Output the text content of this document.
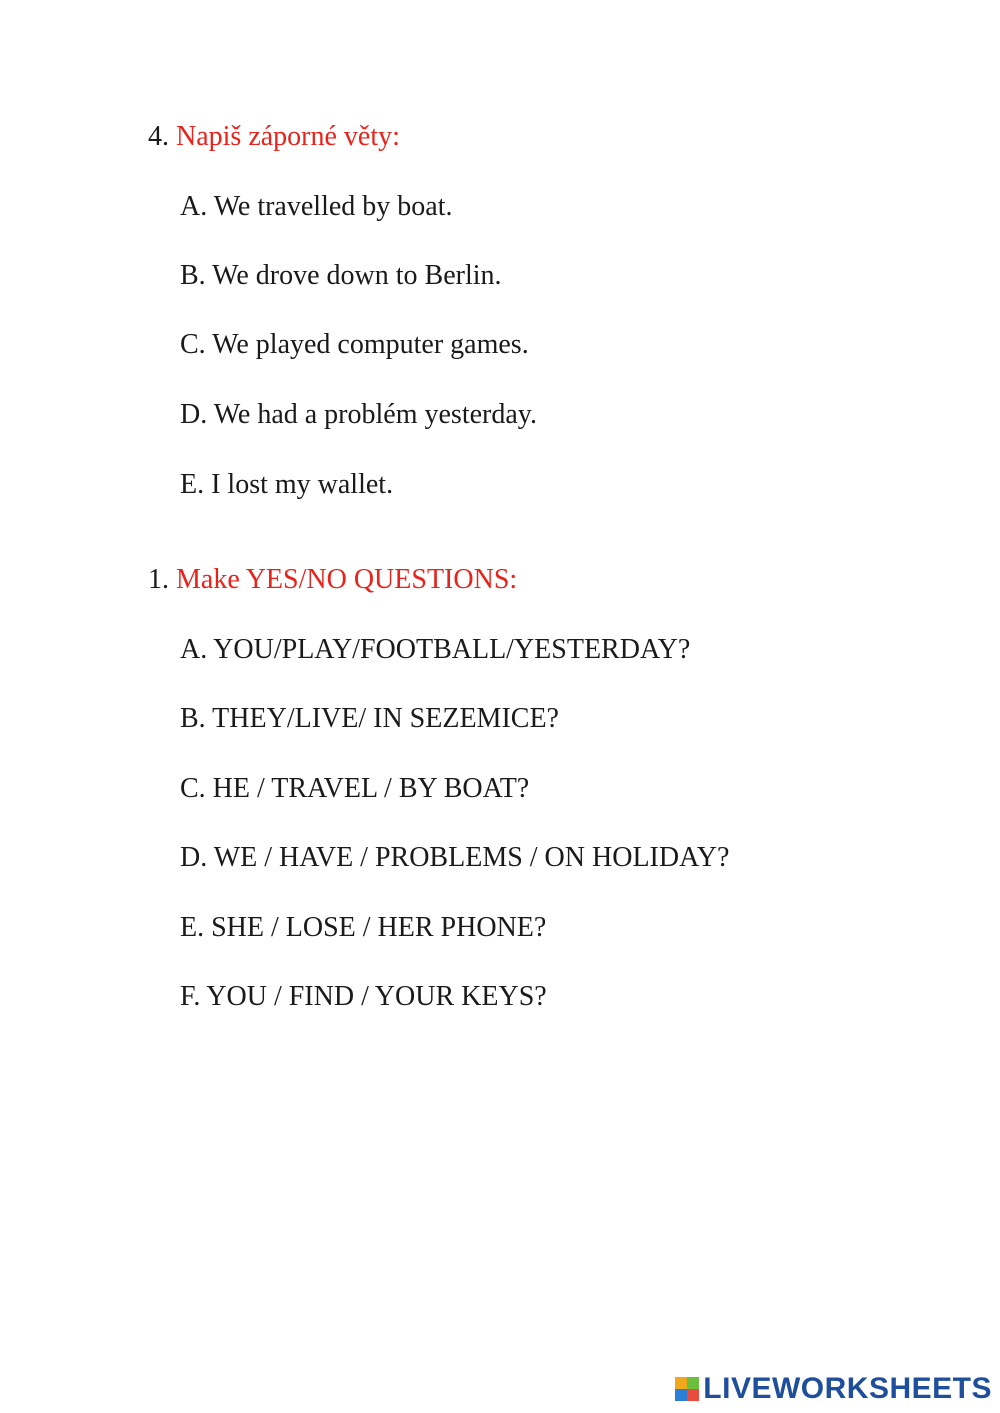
4. Napiš záporné věty:
A. We travelled by boat.
B. We drove down to Berlin.
C. We played computer games.
D. We had a problém yesterday.
E. I lost my wallet.
1. Make YES/NO QUESTIONS:
A. YOU/PLAY/FOOTBALL/YESTERDAY?
B. THEY/LIVE/ IN SEZEMICE?
C. HE / TRAVEL / BY BOAT?
D. WE / HAVE / PROBLEMS / ON HOLIDAY?
E. SHE / LOSE / HER PHONE?
F. YOU / FIND / YOUR KEYS?
LIVEWORKSHEETS
